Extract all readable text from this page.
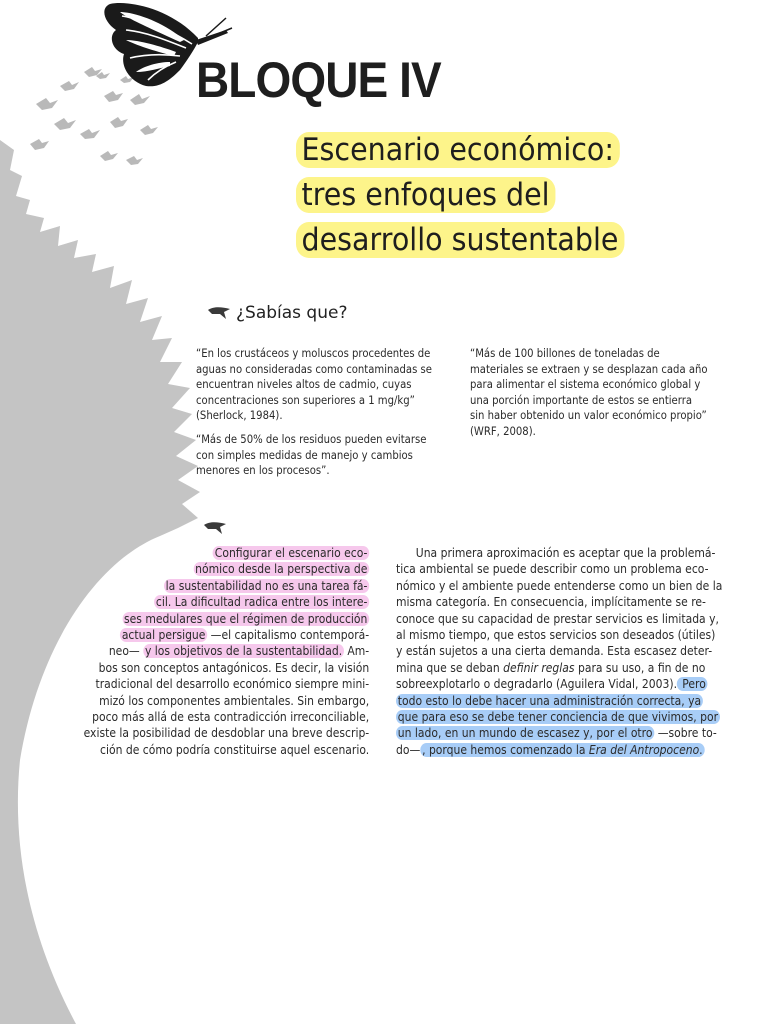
BLOQUE IV
Escenario económico:
tres enfoques del
desarrollo sustentable
¿Sabías que?
“En los crustáceos y moluscos procedentes de aguas no consideradas como contaminadas se encuentran niveles altos de cadmio, cuyas concentraciones son superiores a 1 mg/kg” (Sherlock, 1984).
“Más de 50% de los residuos pueden evitarse con simples medidas de manejo y cambios menores en los procesos”.
“Más de 100 billones de toneladas de materiales se extraen y se desplazan cada año para alimentar el sistema económico global y una porción importante de estos se entierra sin haber obtenido un valor económico propio” (WRF, 2008).
Configurar el escenario eco-
nómico desde la perspectiva de
la sustentabilidad no es una tarea fá-
cil. La dificultad radica entre los intere-
ses medulares que el régimen de producción
actual persigue —el capitalismo contemporá-
neo— y los objetivos de la sustentabilidad. Am-
bos son conceptos antagónicos. Es decir, la visión
tradicional del desarrollo económico siempre mini-
mizó los componentes ambientales. Sin embargo,
poco más allá de esta contradicción irreconciliable,
existe la posibilidad de desdoblar una breve descrip-
ción de cómo podría constituirse aquel escenario.
Una primera aproximación es aceptar que la problemá-
tica ambiental se puede describir como un problema eco-
nómico y el ambiente puede entenderse como un bien de la
misma categoría. En consecuencia, implícitamente se re-
conoce que su capacidad de prestar servicios es limitada y,
al mismo tiempo, que estos servicios son deseados (útiles)
y están sujetos a una cierta demanda. Esta escasez deter-
mina que se deban definir reglas para su uso, a fin de no
sobreexplotarlo o degradarlo (Aguilera Vidal, 2003). Pero
todo esto lo debe hacer una administración correcta, ya
que para eso se debe tener conciencia de que vivimos, por
un lado, en un mundo de escasez y, por el otro —sobre to-
do— , porque hemos comenzado la Era del Antropoceno.
